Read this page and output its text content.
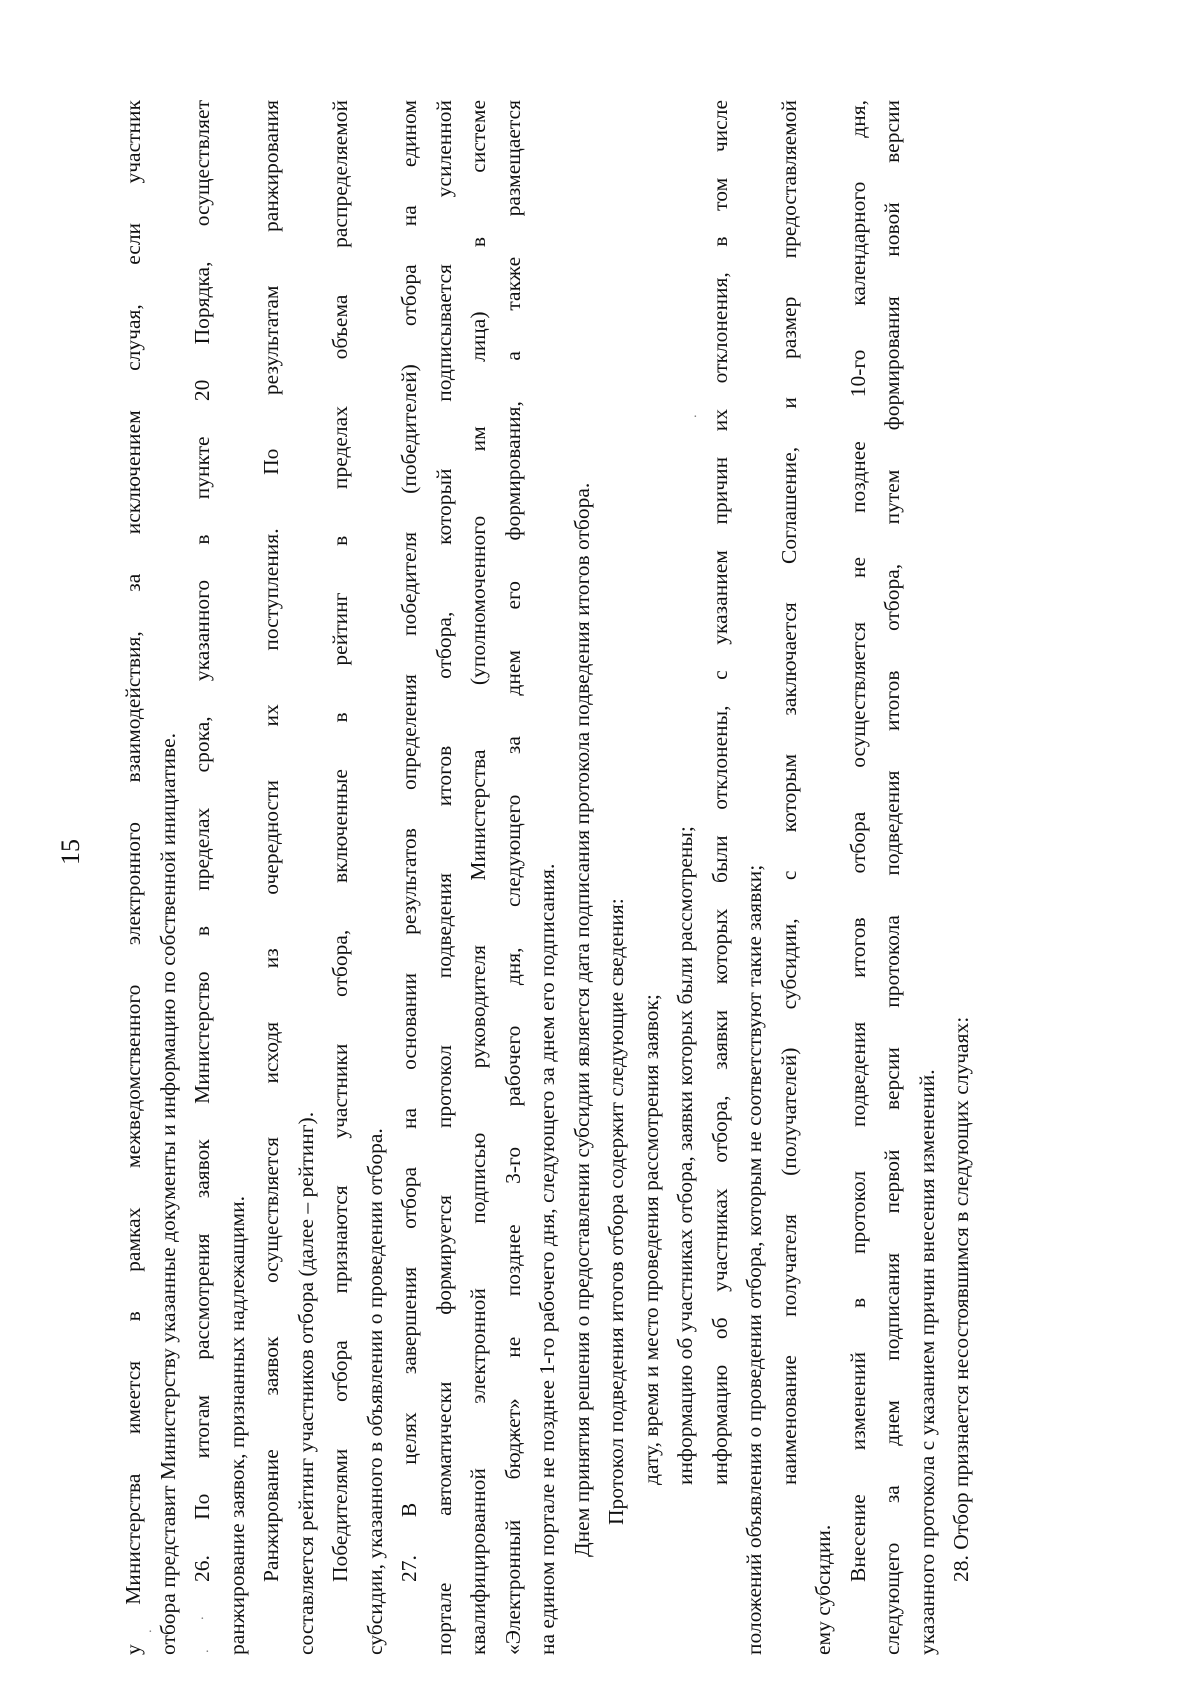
15 у Министерства имеется в рамках межведомственного электронного взаимодействия, за исключением случая, если участник отбора представит Министерству указанные документы и информацию по собственной инициативе. 26. По итогам рассмотрения заявок Министерство в пределах срока, указанного в пункте 20 Порядка, осуществляет ранжирование заявок, признанных надлежащими. Ранжирование заявок осуществляется исходя из очередности их поступления. По результатам ранжирования составляется рейтинг участников отбора (далее – рейтинг). Победителями отбора признаются участники отбора, включенные в рейтинг в пределах объема распределяемой субсидии, указанного в объявлении о проведении отбора. 27. В целях завершения отбора на основании результатов определения победителя (победителей) отбора на едином портале автоматически формируется протокол подведения итогов отбора, который подписывается усиленной квалифицированной электронной подписью руководителя Министерства (уполномоченного им лица) в системе «Электронный бюджет» не позднее 3-го рабочего дня, следующего за днем его формирования, а также размещается на едином портале не позднее 1-го рабочего дня, следующего за днем его подписания. Днем принятия решения о предоставлении субсидии является дата подписания протокола подведения итогов отбора. Протокол подведения итогов отбора содержит следующие сведения: дату, время и место проведения рассмотрения заявок; информацию об участниках отбора, заявки которых были рассмотрены; информацию об участниках отбора, заявки которых были отклонены, с указанием причин их отклонения, в том числе положений объявления о проведении отбора, которым не соответствуют такие заявки; наименование получателя (получателей) субсидии, с которым заключается Соглашение, и размер предоставляемой
ему субсидии.
Внесение изменений в протокол подведения итогов отбора осуществляется не позднее 10-го календарного дня, следующего за днем подписания первой версии протокола подведения итогов отбора, путем формирования новой версии указанного протокола с указанием причин внесения изменений. 28. Отбор признается несостоявшимся в следующих случаях:
·
·
·
·
